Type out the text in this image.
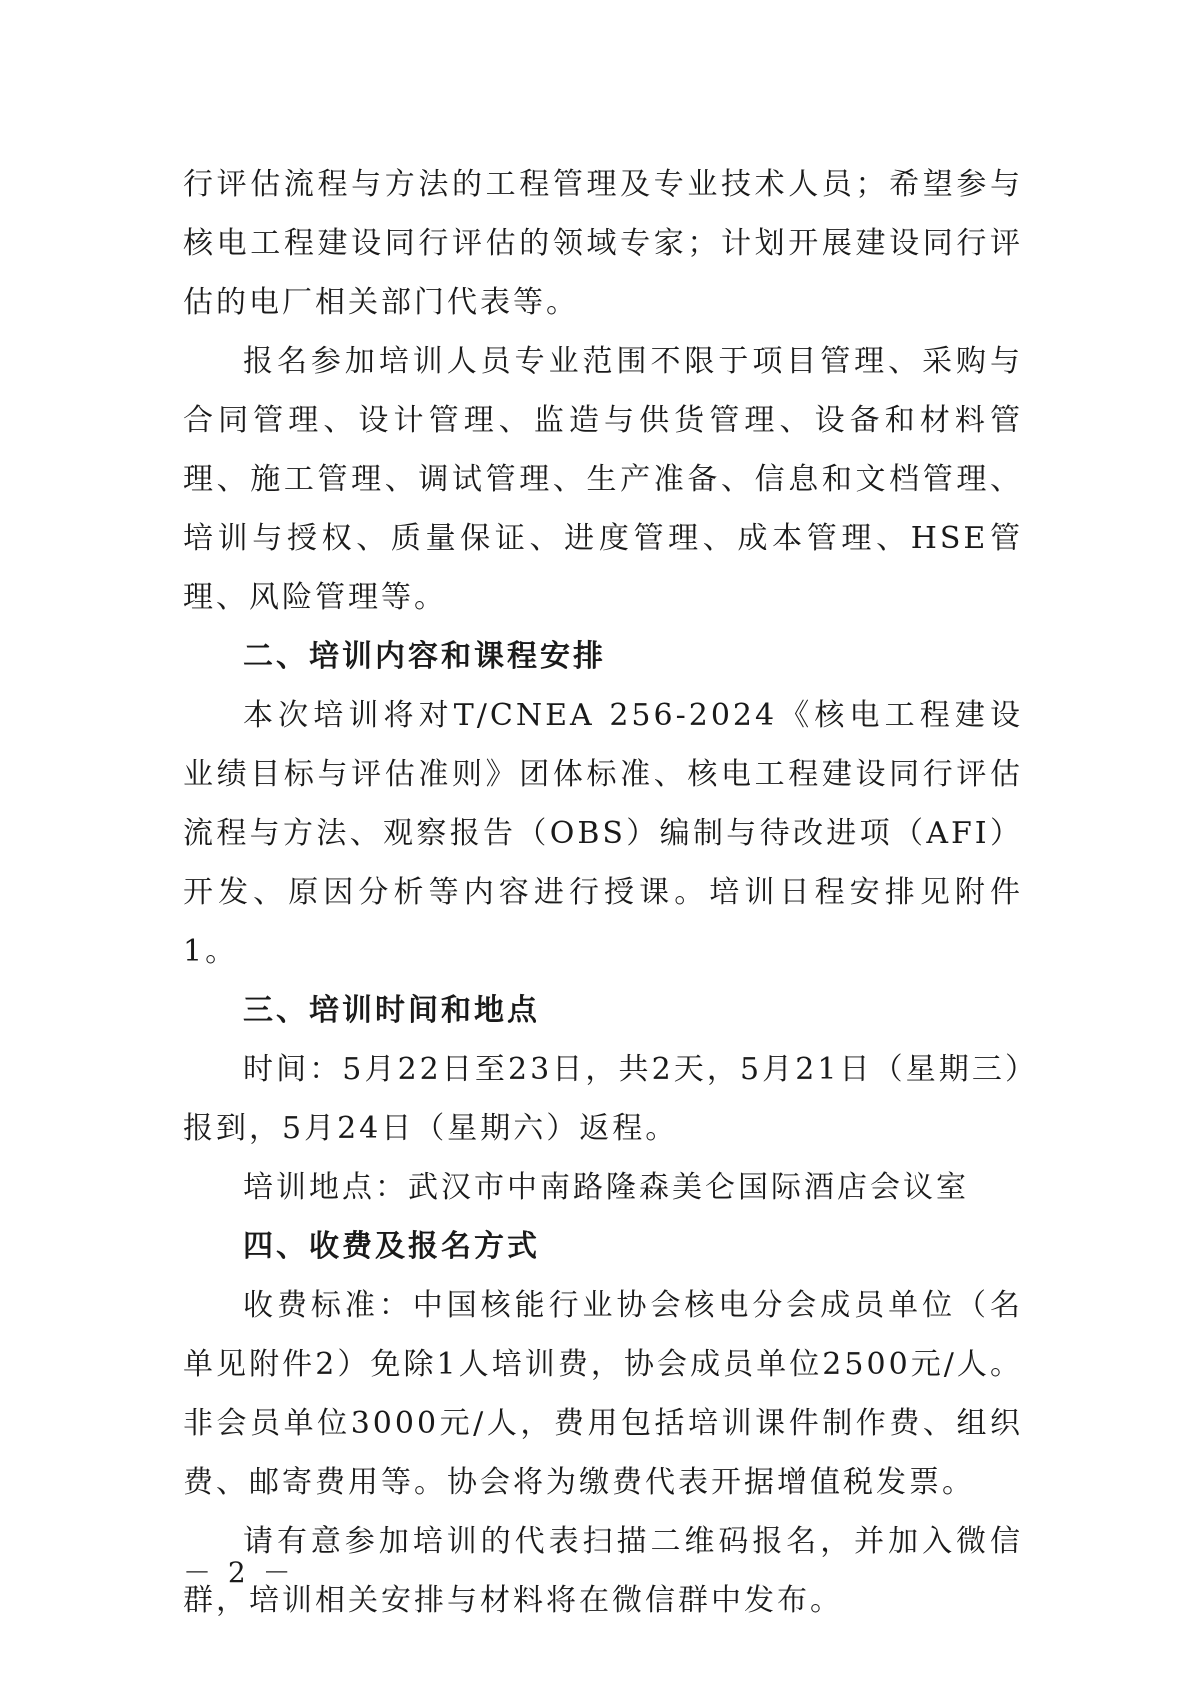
行评估流程与方法的工程管理及专业技术人员；希望参与核电工程建设同行评估的领域专家；计划开展建设同行评估的电厂相关部门代表等。

报名参加培训人员专业范围不限于项目管理、采购与合同管理、设计管理、监造与供货管理、设备和材料管理、施工管理、调试管理、生产准备、信息和文档管理、培训与授权、质量保证、进度管理、成本管理、HSE管理、风险管理等。

二、培训内容和课程安排

本次培训将对T/CNEA 256-2024《核电工程建设业绩目标与评估准则》团体标准、核电工程建设同行评估流程与方法、观察报告（OBS）编制与待改进项（AFI）开发、原因分析等内容进行授课。培训日程安排见附件1。

三、培训时间和地点

时间：5月22日至23日，共2天，5月21日（星期三）报到，5月24日（星期六）返程。

培训地点：武汉市中南路隆森美仑国际酒店会议室

四、收费及报名方式

收费标准：中国核能行业协会核电分会成员单位（名单见附件2）免除1人培训费，协会成员单位2500元/人。非会员单位3000元/人，费用包括培训课件制作费、组织费、邮寄费用等。协会将为缴费代表开据增值税发票。

请有意参加培训的代表扫描二维码报名，并加入微信群，培训相关安排与材料将在微信群中发布。

－ 2 －
